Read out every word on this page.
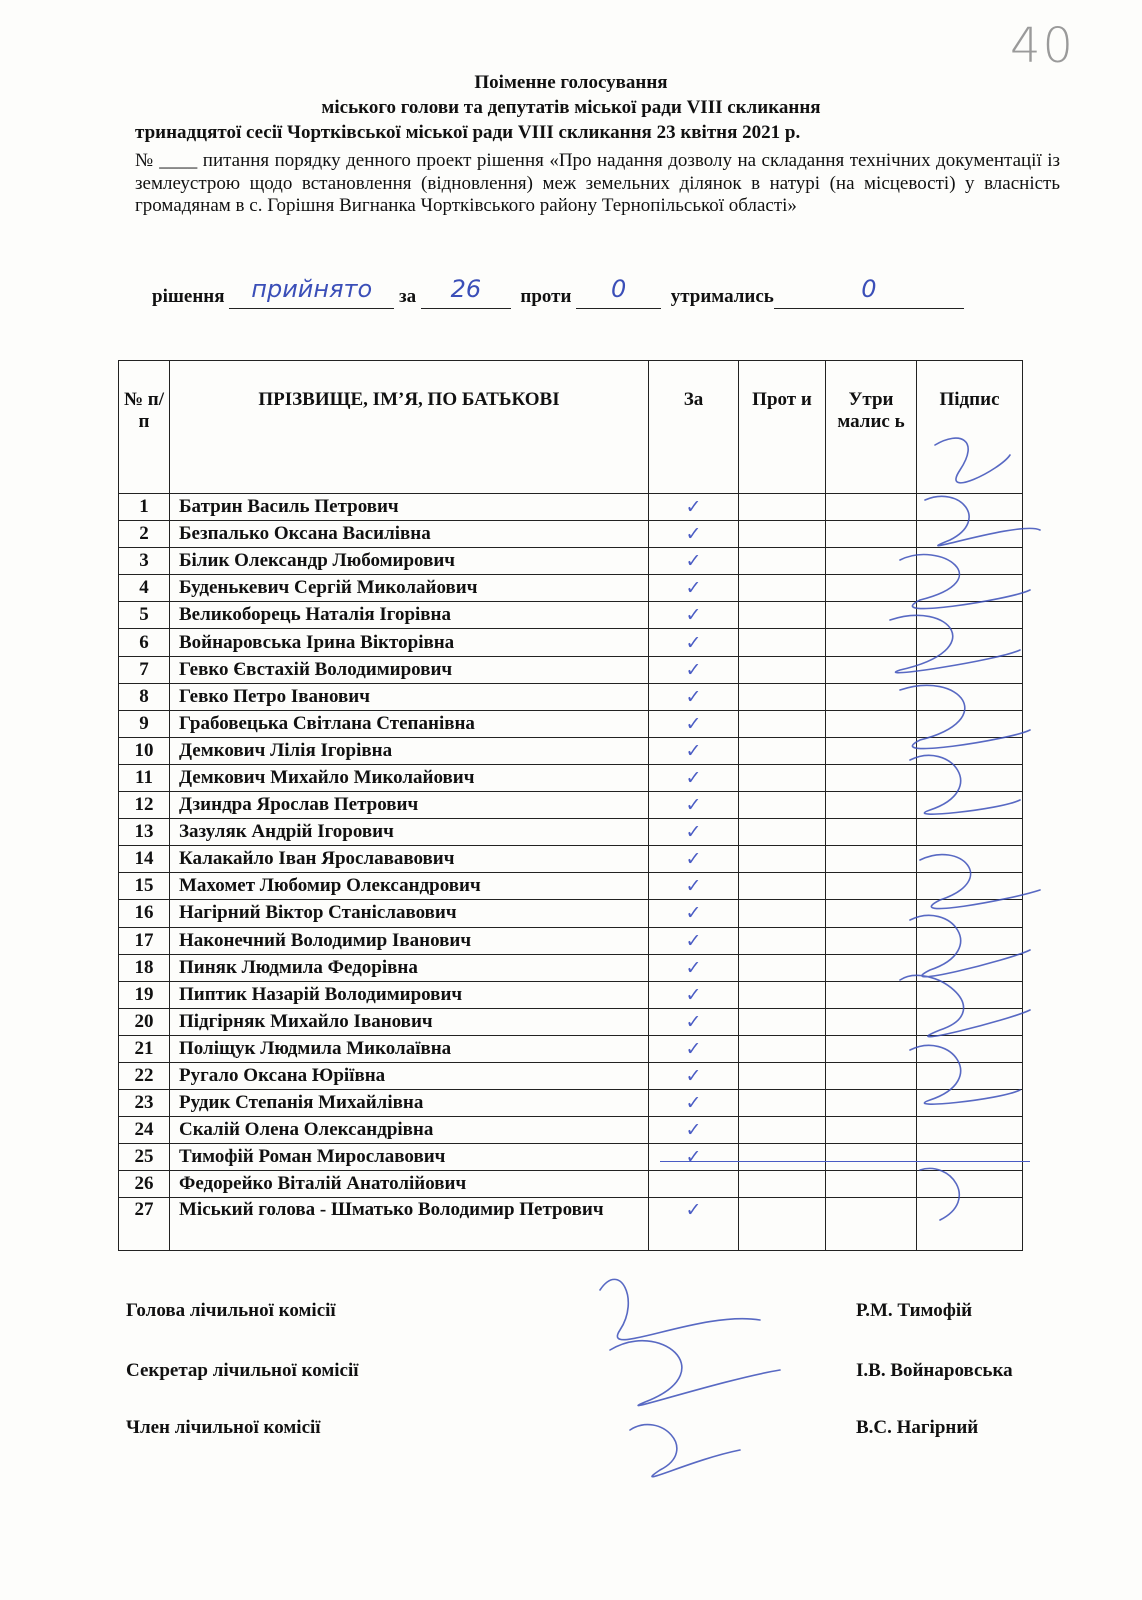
40
Поіменне голосування
міського голови та депутатів міської ради VIII скликання
тринадцятої сесії Чортківської міської ради VIII скликання 23 квітня 2021 р.
№ ____ питання порядку денного проект рішення «Про надання дозволу на складання технічних документації із землеустрою щодо встановлення (відновлення) меж земельних ділянок в натурі (на місцевості) у власність громадянам в с. Горішня Вигнанка Чортківського району Тернопільської області»
рішення прийнято за 26 проти 0 утримались	0
№ п/п	ПРІЗВИЩЕ, ІМ’Я, ПО БАТЬКОВІ	За	Прот и	Утри малис ь	Підпис
1	Батрин Василь Петрович	✓			
2	Безпалько Оксана Василівна	✓			
3	Білик Олександр Любомирович	✓			
4	Буденькевич Сергій Миколайович	✓			
5	Великоборець Наталія Ігорівна	✓			
6	Войнаровська Ірина Вікторівна	✓			
7	Гевко Євстахій Володимирович	✓			
8	Гевко Петро Іванович	✓			
9	Грабовецька Світлана Степанівна	✓			
10	Демкович Лілія Ігорівна	✓			
11	Демкович Михайло Миколайович	✓			
12	Дзиндра Ярослав Петрович	✓			
13	Зазуляк Андрій Ігорович	✓			
14	Калакайло Іван Ярослававович	✓			
15	Махомет Любомир Олександрович	✓			
16	Нагірний Віктор Станіславович	✓			
17	Наконечний Володимир Іванович	✓			
18	Пиняк Людмила Федорівна	✓			
19	Пиптик Назарій Володимирович	✓			
20	Підгірняк Михайло Іванович	✓			
21	Поліщук Людмила Миколаївна	✓			
22	Ругало Оксана Юріївна	✓			
23	Рудик Степанія Михайлівна	✓			
24	Скалій Олена Олександрівна	✓			
25	Тимофій Роман Мирославович	✓			
26	Федорейко Віталій Анатолійович				
27	Міський голова - Шматько Володимир Петрович	✓			
Голова лічильної комісії	Р.М. Тимофій
Секретар лічильної комісії	І.В. Войнаровська
Член лічильної комісії	В.С. Нагірний
